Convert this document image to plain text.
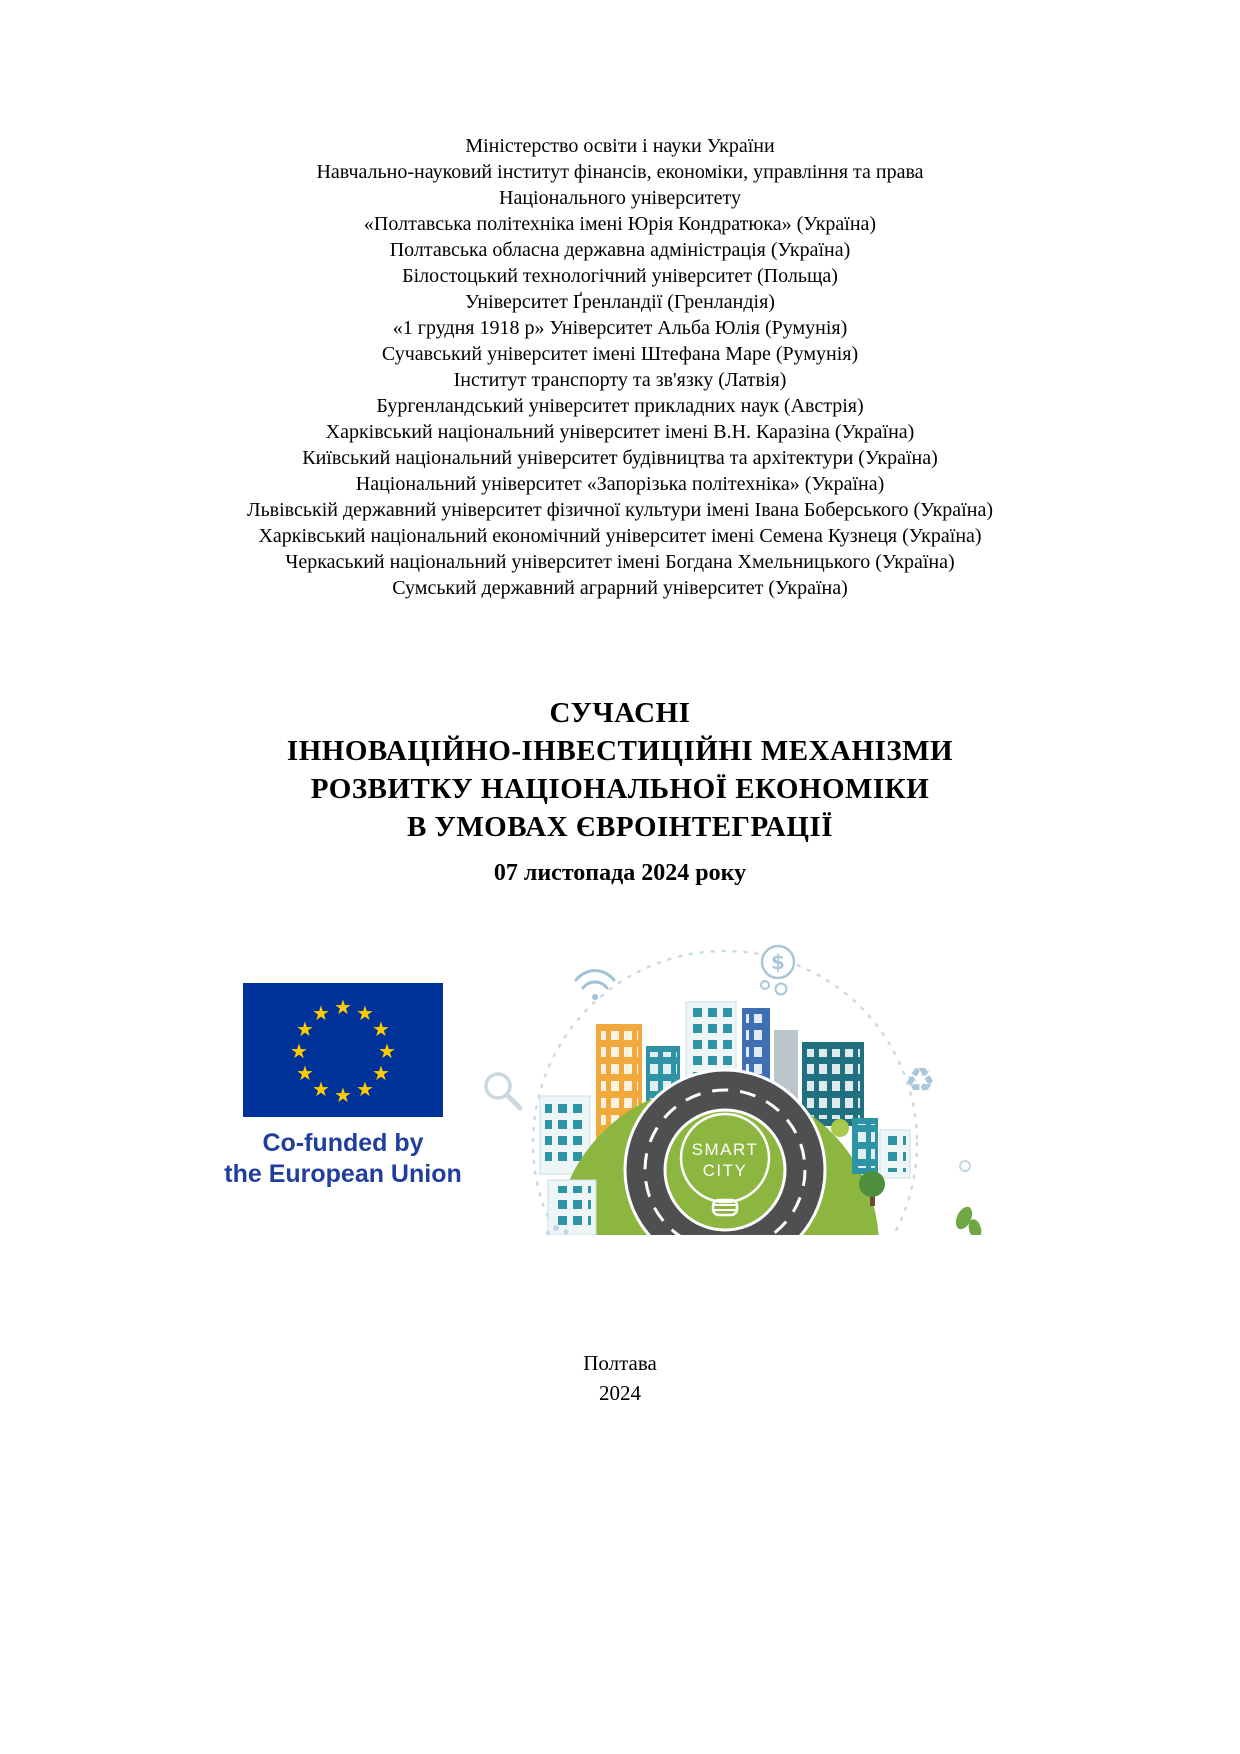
Міністерство освіти і науки України
Навчально-науковий інститут фінансів, економіки, управління та права
Національного університету
«Полтавська політехніка імені Юрія Кондратюка» (Україна)
Полтавська обласна державна адміністрація (Україна)
Білостоцький технологічний університет (Польща)
Університет Ґренландії (Гренландія)
«1 грудня 1918 р» Університет Альба Юлія (Румунія)
Сучавський університет імені Штефана Маре (Румунія)
Інститут транспорту та зв'язку (Латвія)
Бургенландський університет прикладних наук (Австрія)
Харківський національний університет імені В.Н. Каразіна (Україна)
Київський національний університет будівництва та архітектури (Україна)
Національний університет «Запорізька політехніка» (Україна)
Львівській державний університет фізичної культури імені Івана Боберського (Україна)
Харківський національний економічний університет імені Семена Кузнеця (Україна)
Черкаський національний університет імені Богдана Хмельницького (Україна)
Сумський державний аграрний університет (Україна)
СУЧАСНІ
ІННОВАЦІЙНО-ІНВЕСТИЦІЙНІ МЕХАНІЗМИ
РОЗВИТКУ НАЦІОНАЛЬНОЇ ЕКОНОМІКИ
В УМОВАХ ЄВРОІНТЕГРАЦІЇ
07 листопада 2024 року
★ ★
★
★
★
★
★
★
★
★
★
★
Co-funded by
the European Union
$
♻
SMART
CITY
Полтава
2024
